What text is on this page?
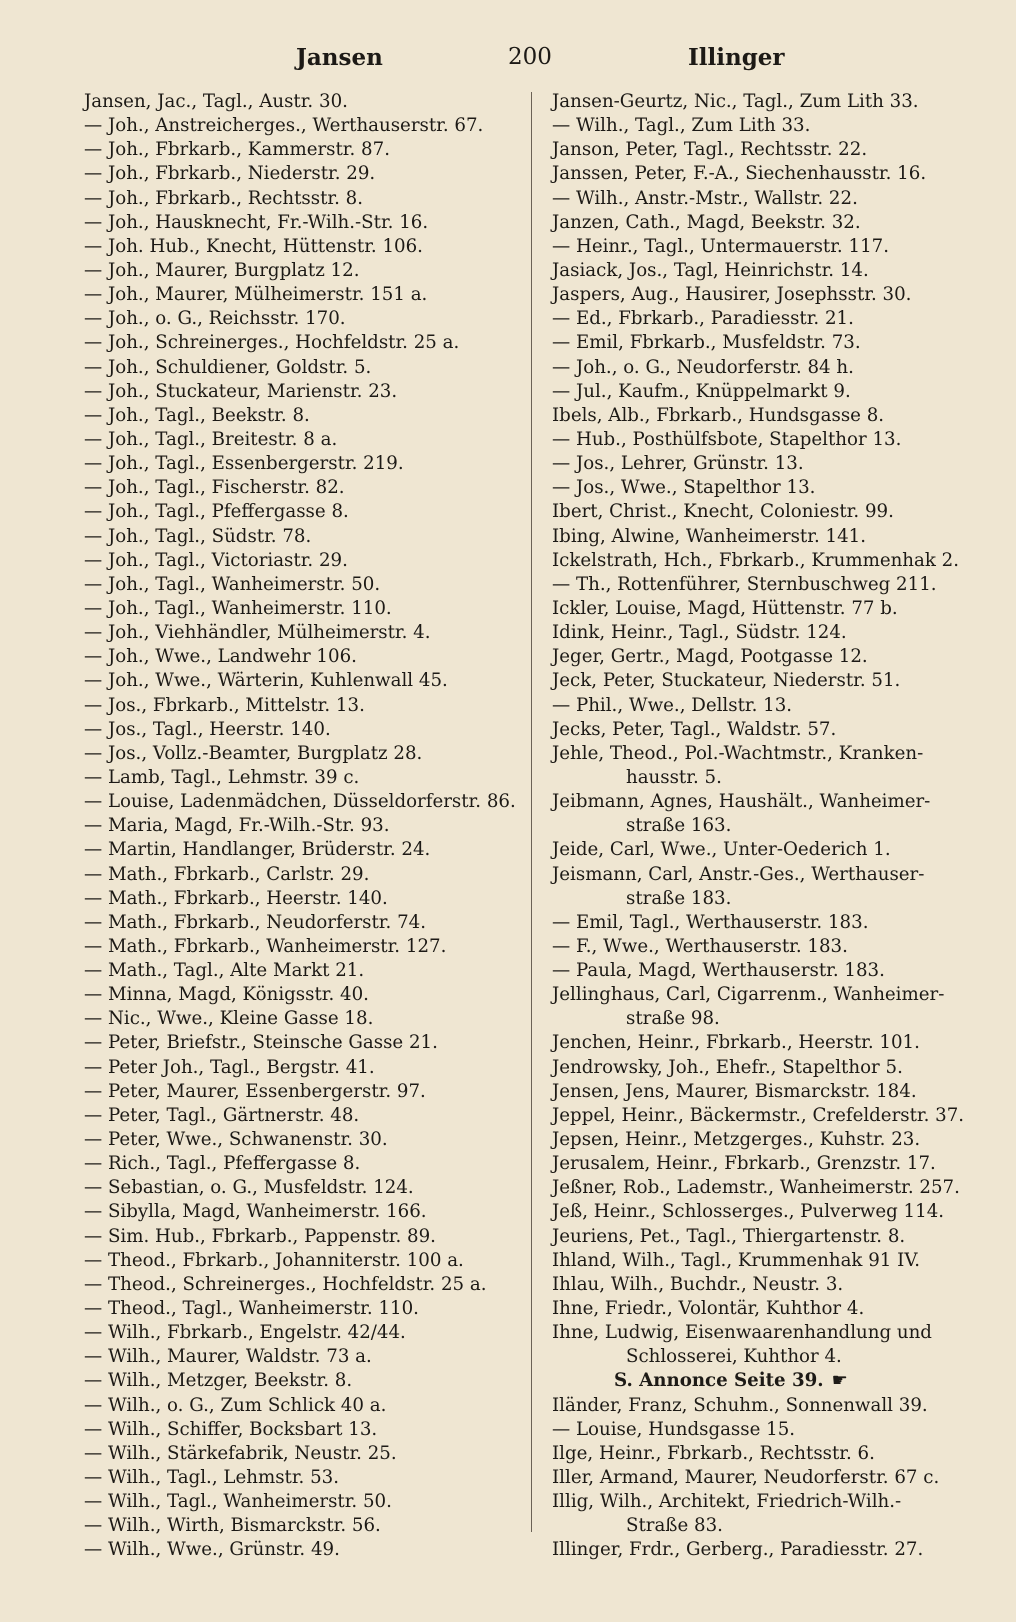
Jansen	200	Illinger
Jansen, Jac., Tagl., Austr. 30.
— Joh., Anstreicherges., Werthauserstr. 67.
— Joh., Fbrkarb., Kammerstr. 87.
— Joh., Fbrkarb., Niederstr. 29.
— Joh., Fbrkarb., Rechtsstr. 8.
— Joh., Hausknecht, Fr.-Wilh.-Str. 16.
— Joh. Hub., Knecht, Hüttenstr. 106.
— Joh., Maurer, Burgplatz 12.
— Joh., Maurer, Mülheimerstr. 151 a.
— Joh., o. G., Reichsstr. 170.
— Joh., Schreinerges., Hochfeldstr. 25 a.
— Joh., Schuldiener, Goldstr. 5.
— Joh., Stuckateur, Marienstr. 23.
— Joh., Tagl., Beekstr. 8.
— Joh., Tagl., Breitestr. 8 a.
— Joh., Tagl., Essenbergerstr. 219.
— Joh., Tagl., Fischerstr. 82.
— Joh., Tagl., Pfeffergasse 8.
— Joh., Tagl., Südstr. 78.
— Joh., Tagl., Victoriastr. 29.
— Joh., Tagl., Wanheimerstr. 50.
— Joh., Tagl., Wanheimerstr. 110.
— Joh., Viehhändler, Mülheimerstr. 4.
— Joh., Wwe., Landwehr 106.
— Joh., Wwe., Wärterin, Kuhlenwall 45.
— Jos., Fbrkarb., Mittelstr. 13.
— Jos., Tagl., Heerstr. 140.
— Jos., Vollz.-Beamter, Burgplatz 28.
— Lamb, Tagl., Lehmstr. 39 c.
— Louise, Ladenmädchen, Düsseldorferstr. 86.
— Maria, Magd, Fr.-Wilh.-Str. 93.
— Martin, Handlanger, Brüderstr. 24.
— Math., Fbrkarb., Carlstr. 29.
— Math., Fbrkarb., Heerstr. 140.
— Math., Fbrkarb., Neudorferstr. 74.
— Math., Fbrkarb., Wanheimerstr. 127.
— Math., Tagl., Alte Markt 21.
— Minna, Magd, Königsstr. 40.
— Nic., Wwe., Kleine Gasse 18.
— Peter, Briefstr., Steinsche Gasse 21.
— Peter Joh., Tagl., Bergstr. 41.
— Peter, Maurer, Essenbergerstr. 97.
— Peter, Tagl., Gärtnerstr. 48.
— Peter, Wwe., Schwanenstr. 30.
— Rich., Tagl., Pfeffergasse 8.
— Sebastian, o. G., Musfeldstr. 124.
— Sibylla, Magd, Wanheimerstr. 166.
— Sim. Hub., Fbrkarb., Pappenstr. 89.
— Theod., Fbrkarb., Johanniterstr. 100 a.
— Theod., Schreinerges., Hochfeldstr. 25 a.
— Theod., Tagl., Wanheimerstr. 110.
— Wilh., Fbrkarb., Engelstr. 42/44.
— Wilh., Maurer, Waldstr. 73 a.
— Wilh., Metzger, Beekstr. 8.
— Wilh., o. G., Zum Schlick 40 a.
— Wilh., Schiffer, Bocksbart 13.
— Wilh., Stärkefabrik, Neustr. 25.
— Wilh., Tagl., Lehmstr. 53.
— Wilh., Tagl., Wanheimerstr. 50.
— Wilh., Wirth, Bismarckstr. 56.
— Wilh., Wwe., Grünstr. 49.
Jansen-Geurtz, Nic., Tagl., Zum Lith 33.
— Wilh., Tagl., Zum Lith 33.
Janson, Peter, Tagl., Rechtsstr. 22.
Janssen, Peter, F.-A., Siechenhausstr. 16.
— Wilh., Anstr.-Mstr., Wallstr. 22.
Janzen, Cath., Magd, Beekstr. 32.
— Heinr., Tagl., Untermauerstr. 117.
Jasiack, Jos., Tagl, Heinrichstr. 14.
Jaspers, Aug., Hausirer, Josephsstr. 30.
— Ed., Fbrkarb., Paradiesstr. 21.
— Emil, Fbrkarb., Musfeldstr. 73.
— Joh., o. G., Neudorferstr. 84 h.
— Jul., Kaufm., Knüppelmarkt 9.
Ibels, Alb., Fbrkarb., Hundsgasse 8.
— Hub., Posthülfsbote, Stapelthor 13.
— Jos., Lehrer, Grünstr. 13.
— Jos., Wwe., Stapelthor 13.
Ibert, Christ., Knecht, Coloniestr. 99.
Ibing, Alwine, Wanheimerstr. 141.
Ickelstrath, Hch., Fbrkarb., Krummenhak 2.
— Th., Rottenführer, Sternbuschweg 211.
Ickler, Louise, Magd, Hüttenstr. 77 b.
Idink, Heinr., Tagl., Südstr. 124.
Jeger, Gertr., Magd, Pootgasse 12.
Jeck, Peter, Stuckateur, Niederstr. 51.
— Phil., Wwe., Dellstr. 13.
Jecks, Peter, Tagl., Waldstr. 57.
Jehle, Theod., Pol.-Wachtmstr., Kranken-
hausstr. 5.
Jeibmann, Agnes, Haushält., Wanheimer-
straße 163.
Jeide, Carl, Wwe., Unter-Oederich 1.
Jeismann, Carl, Anstr.-Ges., Werthauser-
straße 183.
— Emil, Tagl., Werthauserstr. 183.
— F., Wwe., Werthauserstr. 183.
— Paula, Magd, Werthauserstr. 183.
Jellinghaus, Carl, Cigarrenm., Wanheimer-
straße 98.
Jenchen, Heinr., Fbrkarb., Heerstr. 101.
Jendrowsky, Joh., Ehefr., Stapelthor 5.
Jensen, Jens, Maurer, Bismarckstr. 184.
Jeppel, Heinr., Bäckermstr., Crefelderstr. 37.
Jepsen, Heinr., Metzgerges., Kuhstr. 23.
Jerusalem, Heinr., Fbrkarb., Grenzstr. 17.
Jeßner, Rob., Lademstr., Wanheimerstr. 257.
Jeß, Heinr., Schlosserges., Pulverweg 114.
Jeuriens, Pet., Tagl., Thiergartenstr. 8.
Ihland, Wilh., Tagl., Krummenhak 91 IV.
Ihlau, Wilh., Buchdr., Neustr. 3.
Ihne, Friedr., Volontär, Kuhthor 4.
Ihne, Ludwig, Eisenwaarenhandlung und
Schlosserei, Kuhthor 4.
S. Annonce Seite 39. ☛
Iländer, Franz, Schuhm., Sonnenwall 39.
— Louise, Hundsgasse 15.
Ilge, Heinr., Fbrkarb., Rechtsstr. 6.
Iller, Armand, Maurer, Neudorferstr. 67 c.
Illig, Wilh., Architekt, Friedrich-Wilh.-
Straße 83.
Illinger, Frdr., Gerberg., Paradiesstr. 27.
